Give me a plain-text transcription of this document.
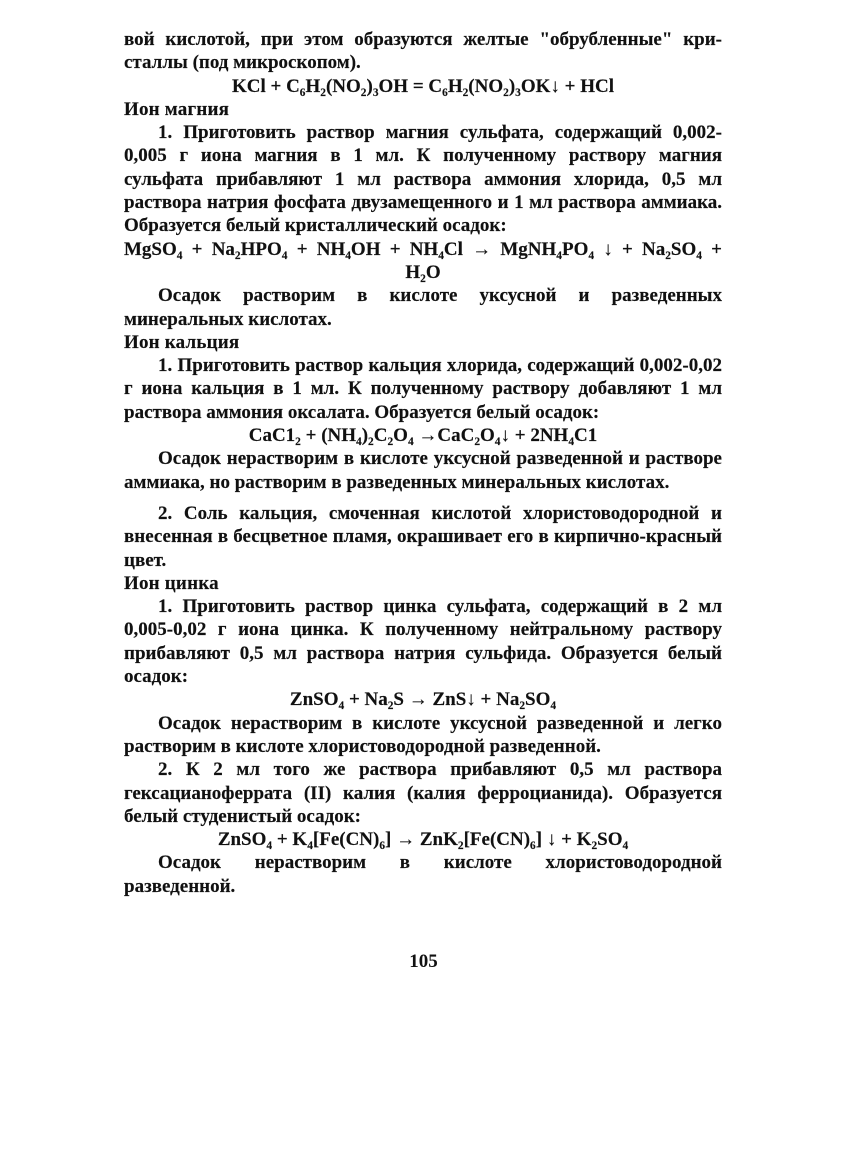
вой кислотой, при этом образуются желтые "обрубленные" кри-

сталлы (под микроскопом).

KCl + C₆H₂(NO₂)₃OH = C₆H₂(NO₂)₃OK↓ + HCl

Ион магния

1. Приготовить раствор магния сульфата, содержащий 0,002-0,005 г иона магния в 1 мл. К полученному раствору магния сульфата прибавляют 1 мл раствора аммония хлорида, 0,5 мл раствора натрия фосфата двузамещенного и 1 мл раствора аммиака. Образуется белый кристаллический осадок:

MgSO₄ + Na₂HPO₄ + NH₄OH + NH₄Cl → MgNH₄PO₄ ↓ + Na₂SO₄ +

H₂O

Осадок растворим в кислоте уксусной и разведенных минеральных кислотах.

Ион кальция

1. Приготовить раствор кальция хлорида, содержащий 0,002-0,02 г иона кальция в 1 мл. К полученному раствору добавляют 1 мл раствора аммония оксалата. Образуется белый осадок:

CaC1₂ + (NH₄)₂C₂O₄ →CaC₂O₄↓ + 2NH₄C1

Осадок нерастворим в кислоте уксусной разведенной и растворе аммиака, но растворим в разведенных минеральных кислотах.

2. Соль кальция, смоченная кислотой хлористоводородной и внесенная в бесцветное пламя, окрашивает его в кирпично-красный цвет.

Ион цинка

1. Приготовить раствор цинка сульфата, содержащий в 2 мл 0,005-0,02 г иона цинка. К полученному нейтральному раствору прибавляют 0,5 мл раствора натрия сульфида. Образуется белый осадок:

ZnSO₄ + Na₂S → ZnS↓ + Na₂SO₄

Осадок нерастворим в кислоте уксусной разведенной и легко растворим в кислоте хлористоводородной разведенной.

2. К 2 мл того же раствора прибавляют 0,5 мл раствора гексацианоферрата (II) калия (калия ферроцианида). Образуется белый студенистый осадок:

ZnSO₄ + K₄[Fe(CN)₆] → ZnK₂[Fe(CN)₆] ↓ + K₂SO₄

Осадок нерастворим в кислоте хлористоводородной разведенной.

105
